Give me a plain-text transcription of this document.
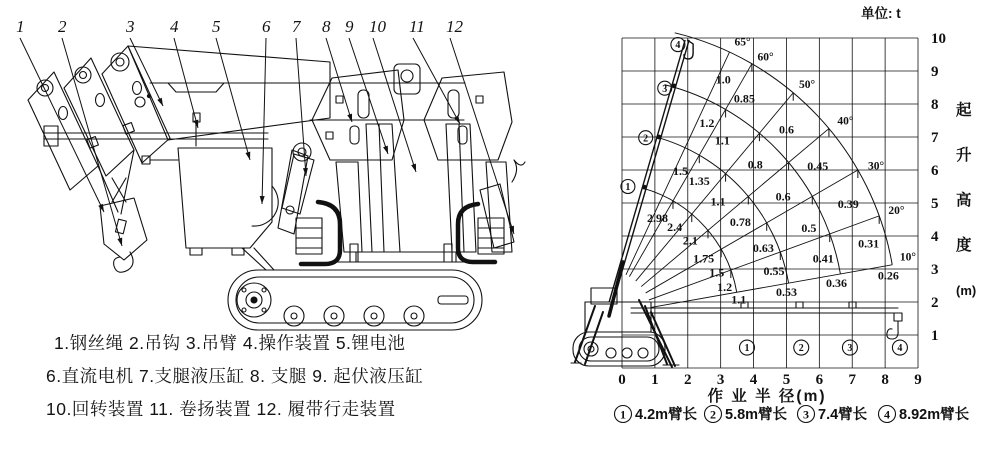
1 2	3 4 5 6 7 8 9 10 11 12
1.钢丝绳 2.吊钩 3.吊臂 4.操作装置 5.锂电池
6.直流电机 7.支腿液压缸 8. 支腿 9. 起伏液压缸
10.回转装置 11. 卷扬装置 12. 履带行走装置
1
2
3
4
1	2	3	4
2.98
2.4
2.1
1.75
1.5
1.2
1.1
1.5
1.35
1.1
0.78
0.63
0.55
0.53
1.2
1.1
0.8
0.6
0.5
0.41
0.36
1.0
0.85
0.6
0.45
0.39
0.31
0.26
65°
60°
50°
40°
30°
20°
10°
0 1 2 3 4 5 6 7 8 9
10
9
8
7
6
5
4
3
2
1
作 业 半 径(m)
起
升
高
度
(m)
单位: t
1 4.2m臂长 2 5.8m臂长 3 7.4臂长 4 8.92m臂长
